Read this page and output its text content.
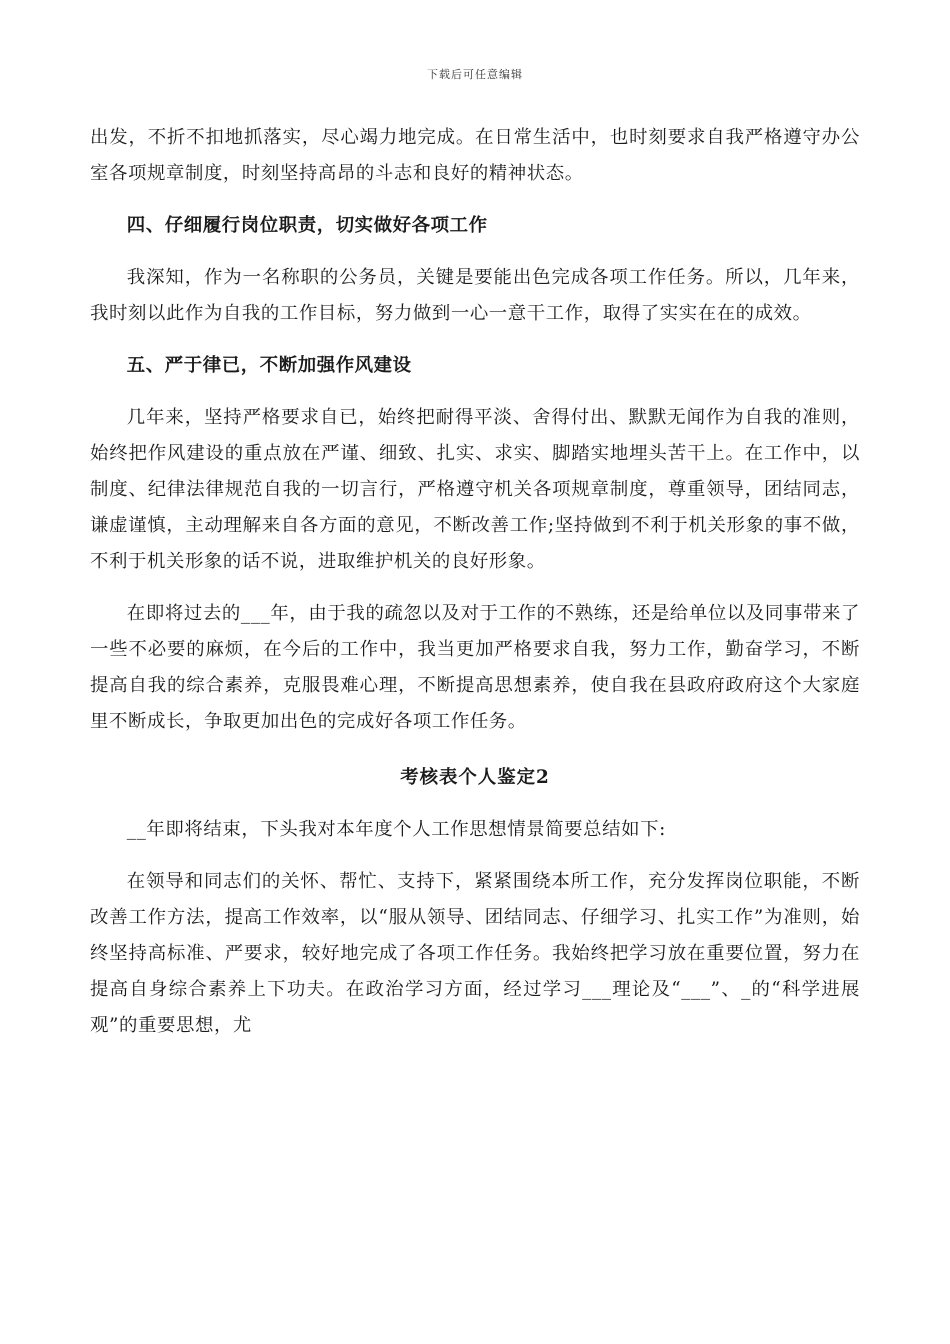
下载后可任意编辑

出发，不折不扣地抓落实，尽心竭力地完成。在日常生活中，也时刻要求自我严格遵守办公室各项规章制度，时刻坚持高昂的斗志和良好的精神状态。

四、仔细履行岗位职责，切实做好各项工作

我深知，作为一名称职的公务员，关键是要能出色完成各项工作任务。所以，几年来，我时刻以此作为自我的工作目标，努力做到一心一意干工作，取得了实实在在的成效。

五、严于律已，不断加强作风建设

几年来，坚持严格要求自已，始终把耐得平淡、舍得付出、默默无闻作为自我的准则，始终把作风建设的重点放在严谨、细致、扎实、求实、脚踏实地埋头苦干上。在工作中，以制度、纪律法律规范自我的一切言行，严格遵守机关各项规章制度，尊重领导，团结同志，谦虚谨慎，主动理解来自各方面的意见，不断改善工作;坚持做到不利于机关形象的事不做，不利于机关形象的话不说，进取维护机关的良好形象。

在即将过去的___年，由于我的疏忽以及对于工作的不熟练，还是给单位以及同事带来了一些不必要的麻烦，在今后的工作中，我当更加严格要求自我，努力工作，勤奋学习，不断提高自我的综合素养，克服畏难心理，不断提高思想素养，使自我在县政府政府这个大家庭里不断成长，争取更加出色的完成好各项工作任务。

考核表个人鉴定2

__年即将结束，下头我对本年度个人工作思想情景简要总结如下:

在领导和同志们的关怀、帮忙、支持下，紧紧围绕本所工作，充分发挥岗位职能，不断改善工作方法，提高工作效率，以“服从领导、团结同志、仔细学习、扎实工作”为准则，始终坚持高标准、严要求，较好地完成了各项工作任务。我始终把学习放在重要位置，努力在提高自身综合素养上下功夫。在政治学习方面，经过学习___理论及“___”、_的“科学进展观”的重要思想，尤
